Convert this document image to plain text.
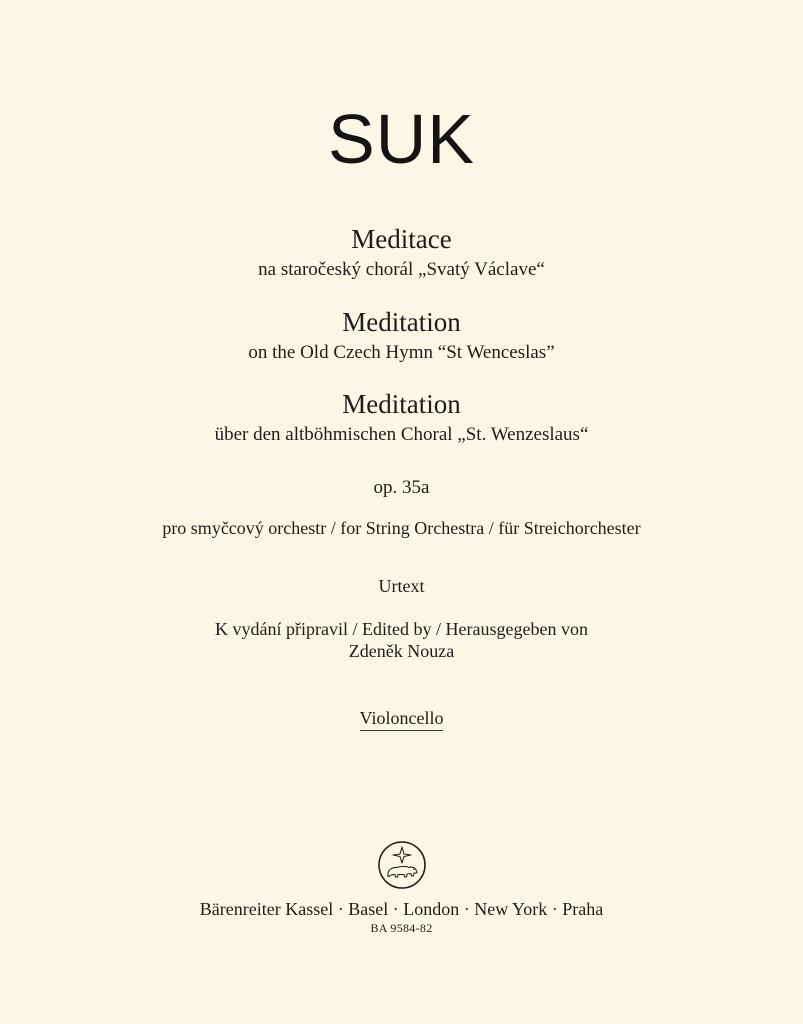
SUK
Meditace
na staročeský chorál „Svatý Václave“
Meditation
on the Old Czech Hymn “St Wenceslas”
Meditation
über den altböhmischen Choral „St. Wenzeslaus“
op. 35a
pro smyčcový orchestr / for String Orchestra / für Streichorchester
Urtext
K vydání připravil / Edited by / Herausgegeben von
Zdeněk Nouza
Violoncello
Bärenreiter Kassel · Basel · London · New York · Praha
BA 9584-82
